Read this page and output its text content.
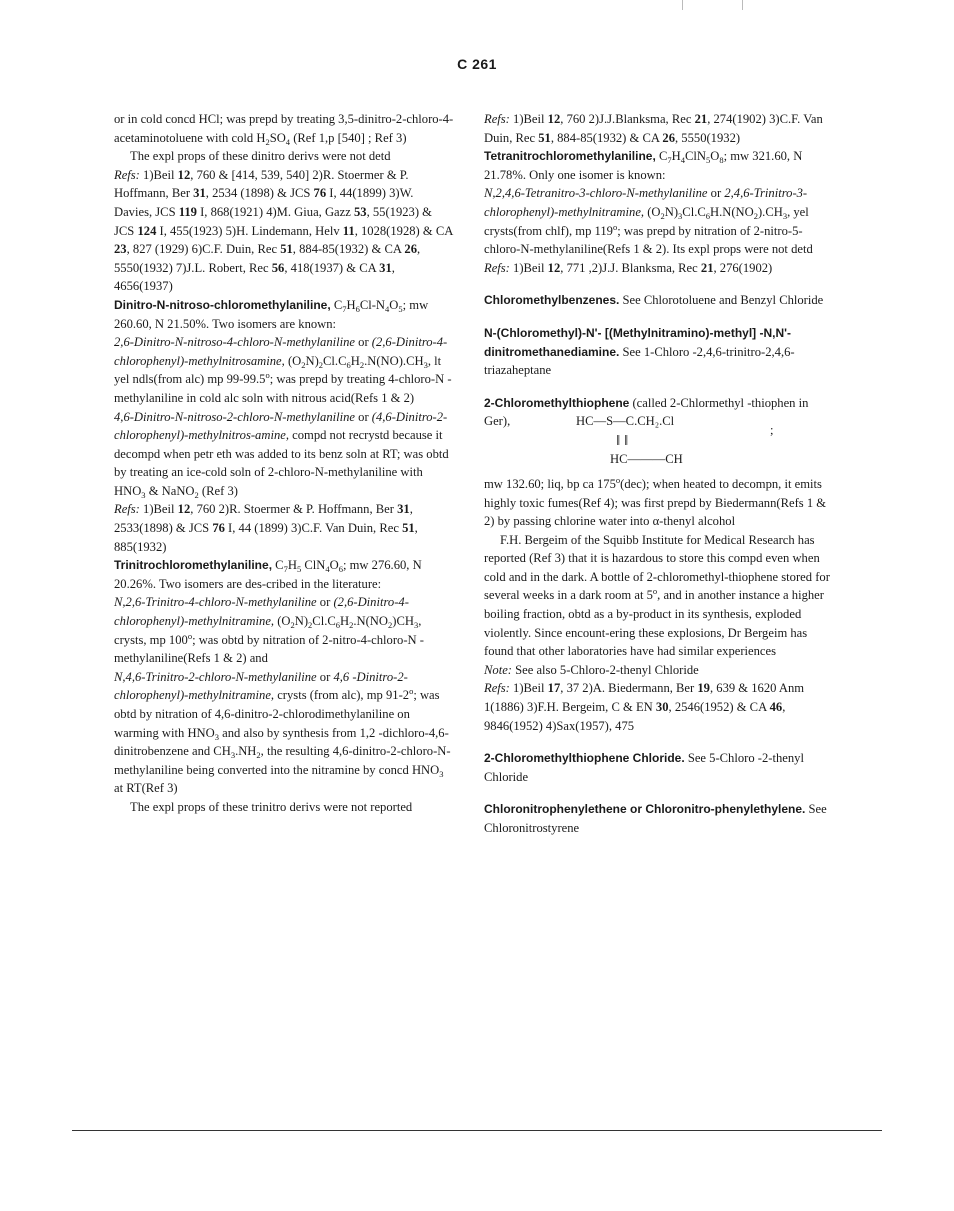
C 261

or in cold concd HCl; was prepd by treating 3,5-dinitro-2-chloro-4-acetaminotoluene with cold $H_2SO_4$ (Ref 1,p [540] ; Ref 3)

The expl props of these dinitro derivs were not detd

Refs: 1)Beil 12, 760 & [414, 539, 540] 2)R. Stoermer & P. Hoffmann, Ber 31, 2534 (1898) & JCS 76 I, 44(1899) 3)W. Davies, JCS 119 I, 868(1921) 4)M. Giua, Gazz 53, 55(1923) & JCS 124 I, 455(1923) 5)H. Lindemann, Helv 11, 1028(1928) & CA 23, 827 (1929) 6)C.F. Duin, Rec 51, 884-85(1932) & CA 26, 5550(1932) 7)J.L. Robert, Rec 56, 418(1937) & CA 31, 4656(1937)

Dinitro-N-nitroso-chloromethylaniline, $C_7H_6Cl-N_4O_5$; mw 260.60, N 21.50%. Two isomers are known:

2,6-Dinitro-N-nitroso-4-chloro-N-methylaniline or (2,6-Dinitro-4-chlorophenyl)-methylnitrosamine, $(O_2N)_2Cl.C_6H_2.N(NO).CH_3$, lt yel ndls(from alc) mp 99-99.5$^o$; was prepd by treating 4-chloro-N -methylaniline in cold alc soln with nitrous acid(Refs 1 & 2)

4,6-Dinitro-N-nitroso-2-chloro-N-methylaniline or (4,6-Dinitro-2-chlorophenyl)-methylnitros-amine, compd not recrystd because it decompd when petr eth was added to its benz soln at RT; was obtd by treating an ice-cold soln of 2-chloro-N-methylaniline with $HNO_3$ & NaNO$_2$ (Ref 3)

Refs: 1)Beil 12, 760 2)R. Stoermer & P. Hoffmann, Ber 31, 2533(1898) & JCS 76 I, 44 (1899) 3)C.F. Van Duin, Rec 51, 885(1932)

Trinitrochloromethylaniline, $C_7H_5$ $ClN_4O_6$; mw 276.60, N 20.26%. Two isomers are des-cribed in the literature:

N,2,6-Trinitro-4-chloro-N-methylaniline or (2,6-Dinitro-4-chlorophenyl)-methylnitramine, $(O_2N)_2Cl.C_6H_2.N(NO_2)CH_3$, crysts, mp 100$^o$; was obtd by nitration of 2-nitro-4-chloro-N -methylaniline(Refs 1 & 2) and

N,4,6-Trinitro-2-chloro-N-methylaniline or 4,6 -Dinitro-2-chlorophenyl)-methylnitramine, crysts (from alc), mp 91-2$^o$; was obtd by nitration of 4,6-dinitro-2-chlorodimethylaniline on warming with $HNO_3$ and also by synthesis from 1,2 -dichloro-4,6-dinitrobenzene and $CH_3.NH_2$, the resulting 4,6-dinitro-2-chloro-N-methylaniline being converted into the nitramine by concd $HNO_3$ at RT(Ref 3)

The expl props of these trinitro derivs were not reported

Refs: 1)Beil 12, 760 2)J.J.Blanksma, Rec 21, 274(1902) 3)C.F. Van Duin, Rec 51, 884-85(1932) & CA 26, 5550(1932)

Tetranitrochloromethylaniline, $C_7H_4ClN_5O_8$; mw 321.60, N 21.78%. Only one isomer is known:

N,2,4,6-Tetranitro-3-chloro-N-methylaniline or 2,4,6-Trinitro-3-chlorophenyl)-methylnitramine, $(O_2N)_3Cl.C_6H.N(NO_2).CH_3$, yel crysts(from chlf), mp 119$^o$; was prepd by nitration of 2-nitro-5-chloro-N-methylaniline(Refs 1 & 2). Its expl props were not detd

Refs: 1)Beil 12, 771 ,2)J.J. Blanksma, Rec 21, 276(1902)

Chloromethylbenzenes. See Chlorotoluene and Benzyl Chloride

N-(Chloromethyl)-N'- [(Methylnitramino)-methyl] -N,N'-dinitromethanediamine. See 1-Chloro -2,4,6-trinitro-2,4,6-triazaheptane

2-Chloromethylthiophene (called 2-Chlormethyl -thiophen in Ger),	HC—S—C.CH₂.Cl
;
‖ ‖
HC———CH

mw 132.60; liq, bp ca 175$^o$(dec); when heated to decompn, it emits highly toxic fumes(Ref 4); was first prepd by Biedermann(Refs 1 & 2) by passing chlorine water into α-thenyl alcohol

F.H. Bergeim of the Squibb Institute for Medical Research has reported (Ref 3) that it is hazardous to store this compd even when cold and in the dark. A bottle of 2-chloromethyl-thiophene stored for several weeks in a dark room at 5$^o$, and in another instance a higher boiling fraction, obtd as a by-product in its synthesis, exploded violently. Since encount-ering these explosions, Dr Bergeim has found that other laboratories have had similar experiences

Note: See also 5-Chloro-2-thenyl Chloride

Refs: 1)Beil 17, 37 2)A. Biedermann, Ber 19, 639 & 1620 Anm 1(1886) 3)F.H. Bergeim, C & EN 30, 2546(1952) & CA 46, 9846(1952) 4)Sax(1957), 475

2-Chloromethylthiophene Chloride. See 5-Chloro -2-thenyl Chloride

Chloronitrophenylethene or Chloronitro-phenylethylene. See Chloronitrostyrene
